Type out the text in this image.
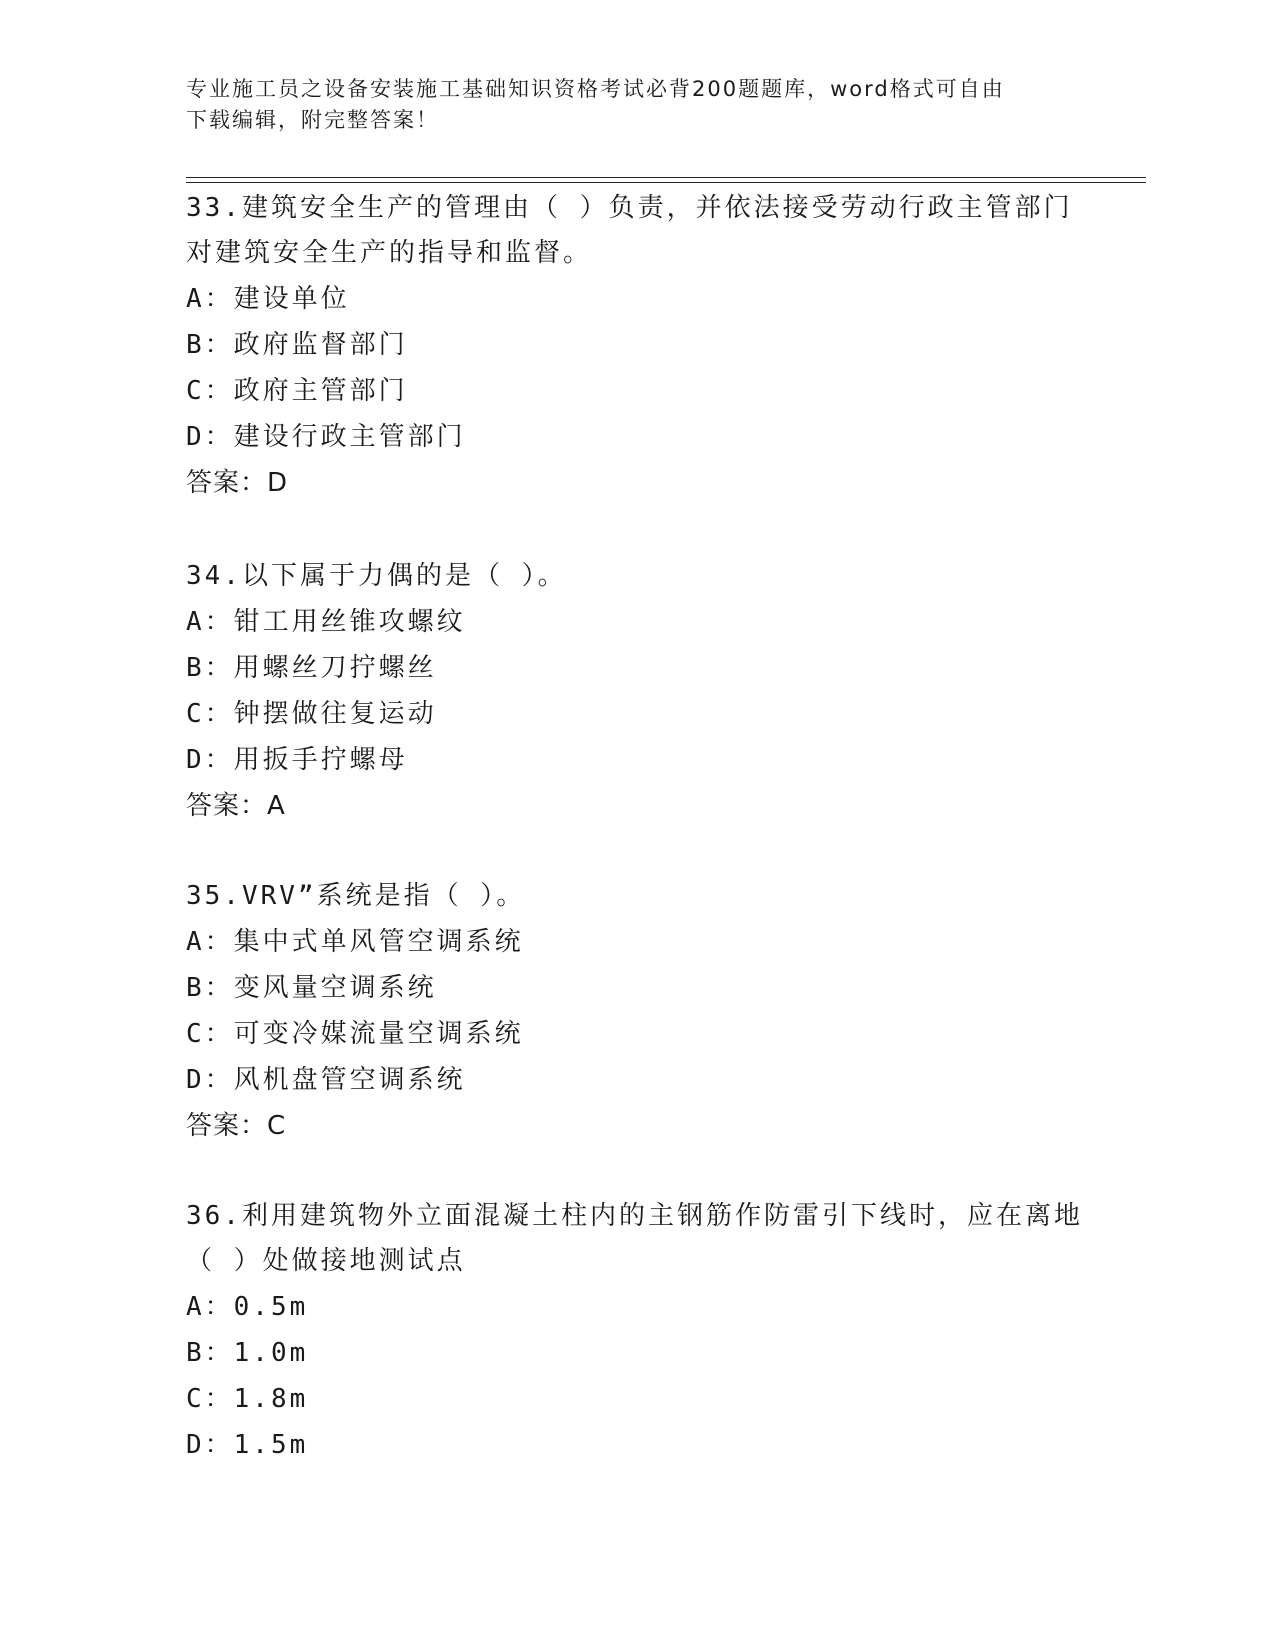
专业施工员之设备安装施工基础知识资格考试必背200题题库，word格式可自由
下载编辑，附完整答案！

33.建筑安全生产的管理由（ ）负责，并依法接受劳动行政主管部门

对建筑安全生产的指导和监督。

A：建设单位

B：政府监督部门

C：政府主管部门

D：建设行政主管部门

答案：D

34.以下属于力偶的是（ ）。

A：钳工用丝锥攻螺纹

B：用螺丝刀拧螺丝

C：钟摆做往复运动

D：用扳手拧螺母

答案：A

35.VRV”系统是指（ ）。

A：集中式单风管空调系统

B：变风量空调系统

C：可变冷媒流量空调系统

D：风机盘管空调系统

答案：C

36.利用建筑物外立面混凝土柱内的主钢筋作防雷引下线时，应在离地

（ ）处做接地测试点

A：0.5m

B：1.0m

C：1.8m

D：1.5m
